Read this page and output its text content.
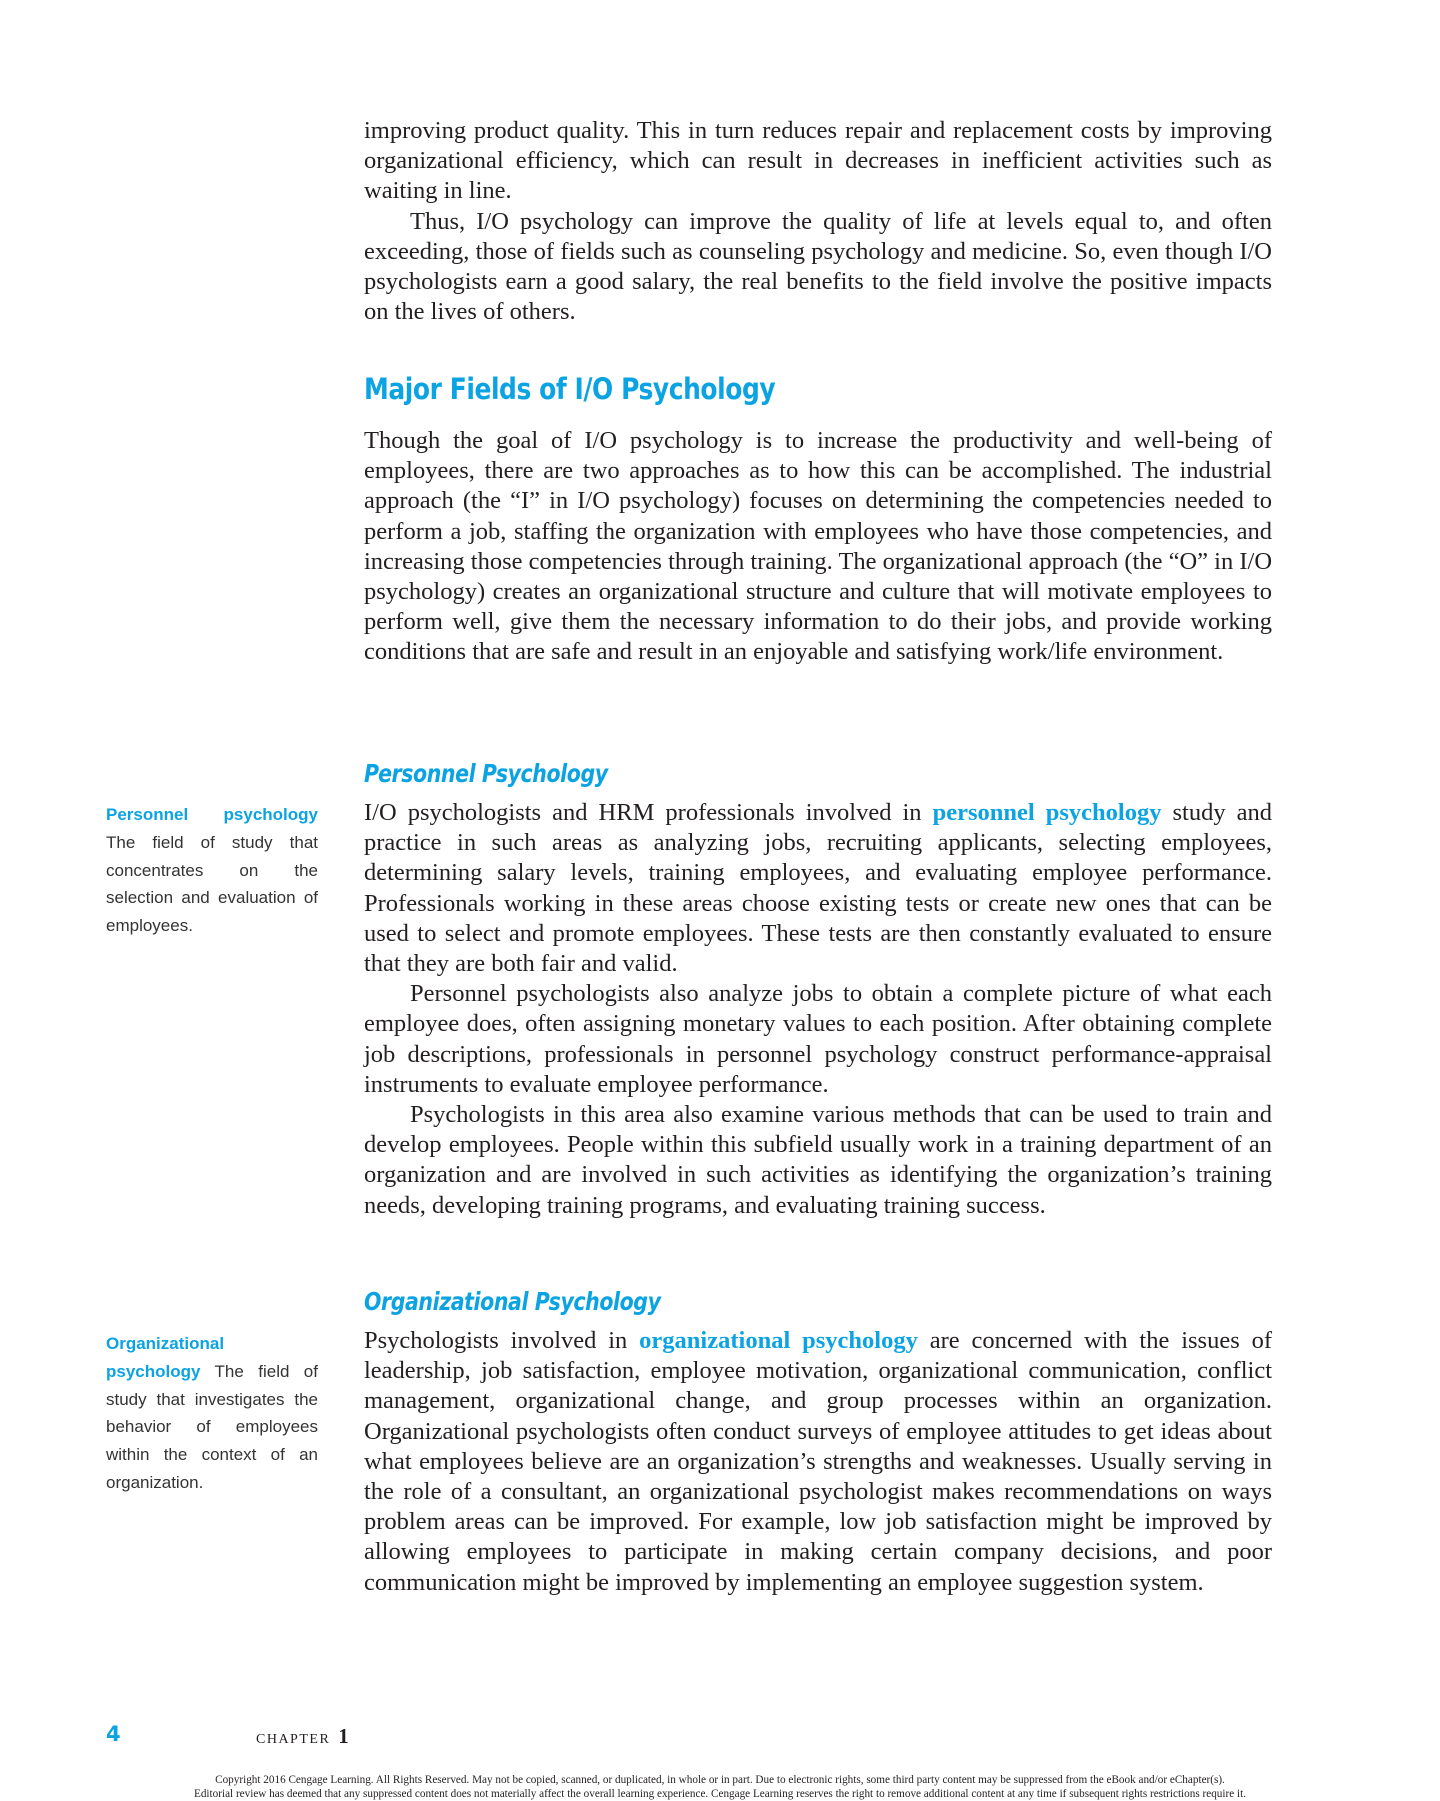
improving product quality. This in turn reduces repair and replacement costs by improving organizational efficiency, which can result in decreases in inefficient activities such as waiting in line.

Thus, I/O psychology can improve the quality of life at levels equal to, and often exceeding, those of fields such as counseling psychology and medicine. So, even though I/O psychologists earn a good salary, the real benefits to the field involve the positive impacts on the lives of others.

Major Fields of I/O Psychology

Though the goal of I/O psychology is to increase the productivity and well-being of employees, there are two approaches as to how this can be accomplished. The industrial approach (the “I” in I/O psychology) focuses on determining the competencies needed to perform a job, staffing the organization with employees who have those competencies, and increasing those competencies through training. The organizational approach (the “O” in I/O psychology) creates an organizational structure and culture that will motivate employees to perform well, give them the necessary information to do their jobs, and provide working conditions that are safe and result in an enjoyable and satisfying work/life environment.

Personnel Psychology
Personnel psychology The field of study that concentrates on the selection and evaluation of employees.

I/O psychologists and HRM professionals involved in personnel psychology study and practice in such areas as analyzing jobs, recruiting applicants, selecting employees, determining salary levels, training employees, and evaluating employee performance. Professionals working in these areas choose existing tests or create new ones that can be used to select and promote employees. These tests are then constantly evaluated to ensure that they are both fair and valid.

Personnel psychologists also analyze jobs to obtain a complete picture of what each employee does, often assigning monetary values to each position. After obtaining complete job descriptions, professionals in personnel psychology construct performance-appraisal instruments to evaluate employee performance.

Psychologists in this area also examine various methods that can be used to train and develop employees. People within this subfield usually work in a training department of an organization and are involved in such activities as identifying the organization’s training needs, developing training programs, and evaluating training success.

Organizational Psychology
Organizational psychology The field of study that investigates the behavior of employees within the context of an organization.

Psychologists involved in organizational psychology are concerned with the issues of leadership, job satisfaction, employee motivation, organizational communication, conflict management, organizational change, and group processes within an organization. Organizational psychologists often conduct surveys of employee attitudes to get ideas about what employees believe are an organization’s strengths and weaknesses. Usually serving in the role of a consultant, an organizational psychologist makes recommendations on ways problem areas can be improved. For example, low job satisfaction might be improved by allowing employees to participate in making certain company decisions, and poor communication might be improved by implementing an employee suggestion system.

4	CHAPTER 1
Copyright 2016 Cengage Learning. All Rights Reserved. May not be copied, scanned, or duplicated, in whole or in part. Due to electronic rights, some third party content may be suppressed from the eBook and/or eChapter(s).
Editorial review has deemed that any suppressed content does not materially affect the overall learning experience. Cengage Learning reserves the right to remove additional content at any time if subsequent rights restrictions require it.
